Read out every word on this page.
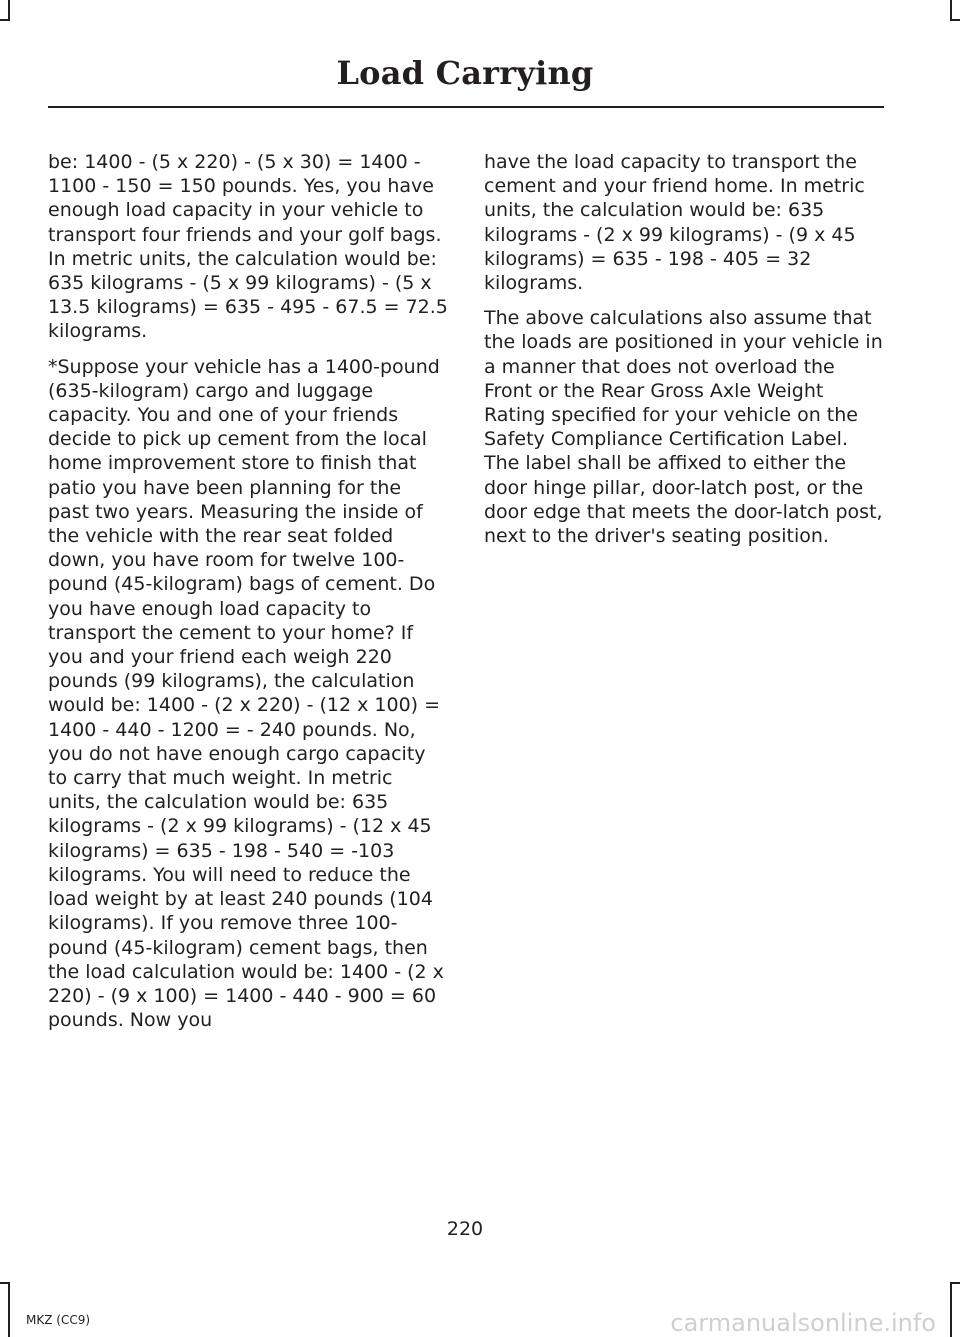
Load Carrying

be: 1400 - (5 x 220) - (5 x 30) = 1400 - 1100 - 150 = 150 pounds. Yes, you have enough load capacity in your vehicle to transport four friends and your golf bags. In metric units, the calculation would be: 635 kilograms - (5 x 99 kilograms) - (5 x 13.5 kilograms) = 635 - 495 - 67.5 = 72.5 kilograms.

*Suppose your vehicle has a 1400-pound (635-kilogram) cargo and luggage capacity. You and one of your friends decide to pick up cement from the local home improvement store to finish that patio you have been planning for the past two years. Measuring the inside of the vehicle with the rear seat folded down, you have room for twelve 100-pound (45-kilogram) bags of cement. Do you have enough load capacity to transport the cement to your home? If you and your friend each weigh 220 pounds (99 kilograms), the calculation would be: 1400 - (2 x 220) - (12 x 100) = 1400 - 440 - 1200 = - 240 pounds. No, you do not have enough cargo capacity to carry that much weight. In metric units, the calculation would be: 635 kilograms - (2 x 99 kilograms) - (12 x 45 kilograms) = 635 - 198 - 540 = -103 kilograms. You will need to reduce the load weight by at least 240 pounds (104 kilograms). If you remove three 100-pound (45-kilogram) cement bags, then the load calculation would be: 1400 - (2 x 220) - (9 x 100) = 1400 - 440 - 900 = 60 pounds. Now you

have the load capacity to transport the cement and your friend home. In metric units, the calculation would be: 635 kilograms - (2 x 99 kilograms) - (9 x 45 kilograms) = 635 - 198 - 405 = 32 kilograms.

The above calculations also assume that the loads are positioned in your vehicle in a manner that does not overload the Front or the Rear Gross Axle Weight Rating specified for your vehicle on the Safety Compliance Certification Label. The label shall be affixed to either the door hinge pillar, door-latch post, or the door edge that meets the door-latch post, next to the driver's seating position.

220
MKZ (CC9)	carmanualsonline.info
